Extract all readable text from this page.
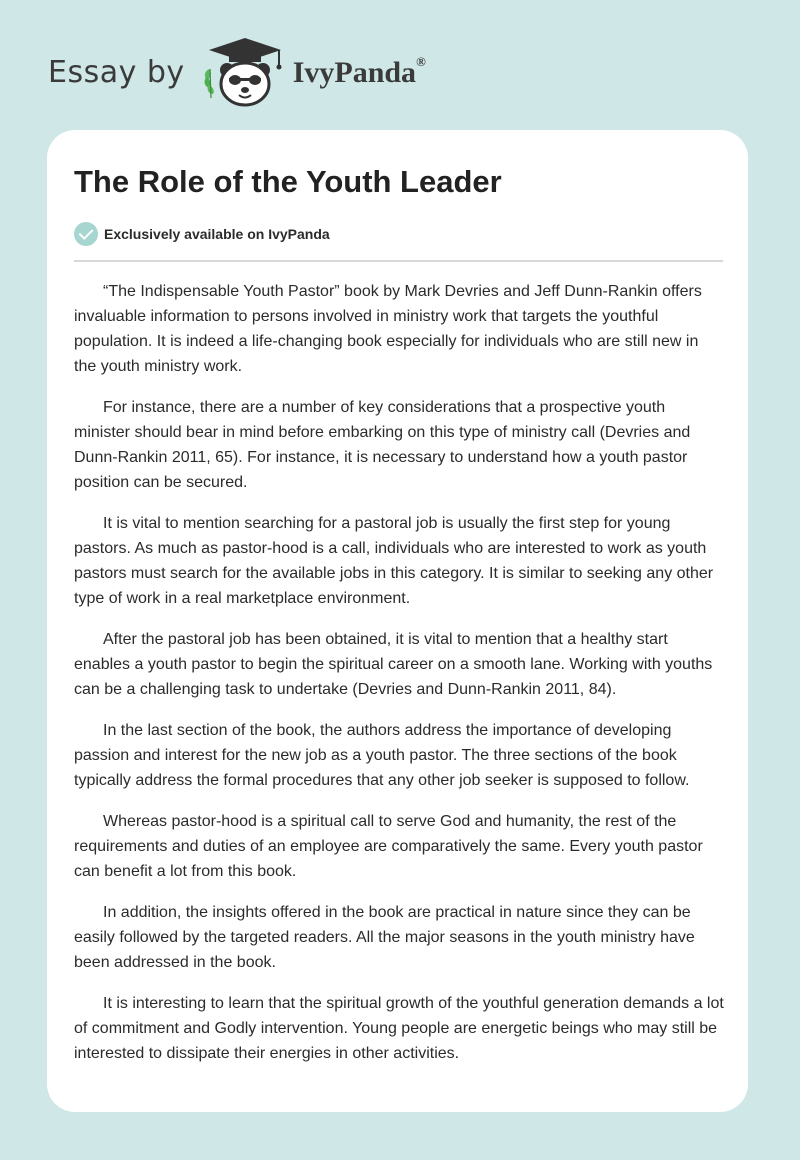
Essay by	IvyPanda®
The Role of the Youth Leader
Exclusively available on IvyPanda

“The Indispensable Youth Pastor” book by Mark Devries and Jeff Dunn-Rankin offers invaluable information to persons involved in ministry work that targets the youthful population. It is indeed a life-changing book especially for individuals who are still new in the youth ministry work.

For instance, there are a number of key considerations that a prospective youth minister should bear in mind before embarking on this type of ministry call (Devries and Dunn-Rankin 2011, 65). For instance, it is necessary to understand how a youth pastor position can be secured.

It is vital to mention searching for a pastoral job is usually the first step for young pastors. As much as pastor-hood is a call, individuals who are interested to work as youth pastors must search for the available jobs in this category. It is similar to seeking any other type of work in a real marketplace environment.

After the pastoral job has been obtained, it is vital to mention that a healthy start enables a youth pastor to begin the spiritual career on a smooth lane. Working with youths can be a challenging task to undertake (Devries and Dunn-Rankin 2011, 84).

In the last section of the book, the authors address the importance of developing passion and interest for the new job as a youth pastor. The three sections of the book typically address the formal procedures that any other job seeker is supposed to follow.

Whereas pastor-hood is a spiritual call to serve God and humanity, the rest of the requirements and duties of an employee are comparatively the same. Every youth pastor can benefit a lot from this book.

In addition, the insights offered in the book are practical in nature since they can be easily followed by the targeted readers. All the major seasons in the youth ministry have been addressed in the book.

It is interesting to learn that the spiritual growth of the youthful generation demands a lot of commitment and Godly intervention. Young people are energetic beings who may still be interested to dissipate their energies in other activities.
